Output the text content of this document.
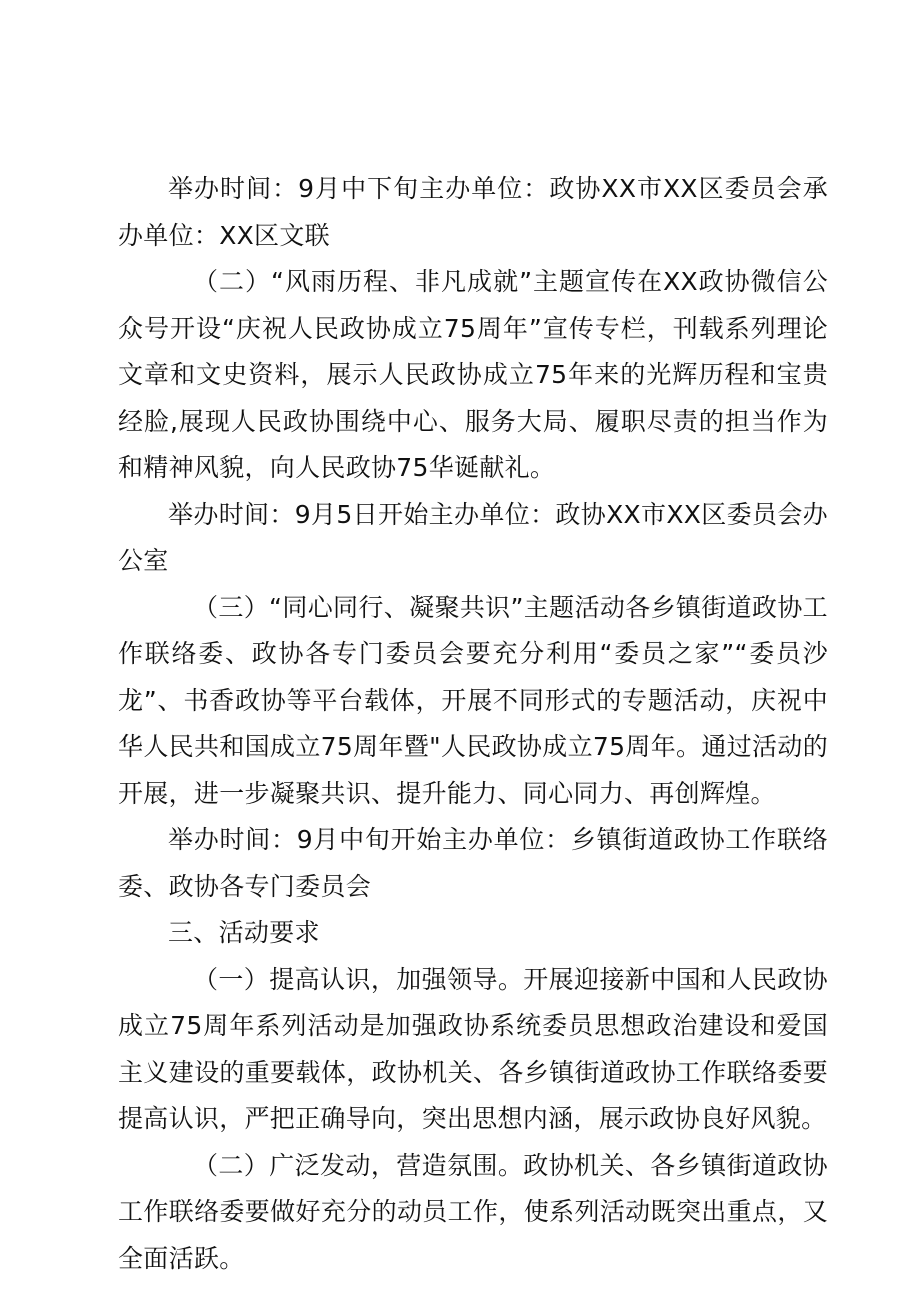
举办时间：9月中下旬主办单位：政协XX市XX区委员会承办单位：XX区文联

（二）“风雨历程、非凡成就”主题宣传在XX政协微信公众号开设“庆祝人民政协成立75周年”宣传专栏，刊载系列理论文章和文史资料，展示人民政协成立75年来的光辉历程和宝贵经脸,展现人民政协围绕中心、服务大局、履职尽责的担当作为和精神风貌，向人民政协75华诞献礼。

举办时间：9月5日开始主办单位：政协XX市XX区委员会办公室

（三）“同心同行、凝聚共识”主题活动各乡镇街道政协工作联络委、政协各专门委员会要充分利用“委员之家”“委员沙龙”、书香政协等平台载体，开展不同形式的专题活动，庆祝中华人民共和国成立75周年暨"人民政协成立75周年。通过活动的开展，进一步凝聚共识、提升能力、同心同力、再创辉煌。

举办时间：9月中旬开始主办单位：乡镇街道政协工作联络委、政协各专门委员会

三、活动要求

（一）提高认识，加强领导。开展迎接新中国和人民政协成立75周年系列活动是加强政协系统委员思想政治建设和爱国主义建设的重要载体，政协机关、各乡镇街道政协工作联络委要提高认识，严把正确导向，突出思想内涵，展示政协良好风貌。

（二）广泛发动，营造氛围。政协机关、各乡镇街道政协工作联络委要做好充分的动员工作，使系列活动既突出重点，又全面活跃。
